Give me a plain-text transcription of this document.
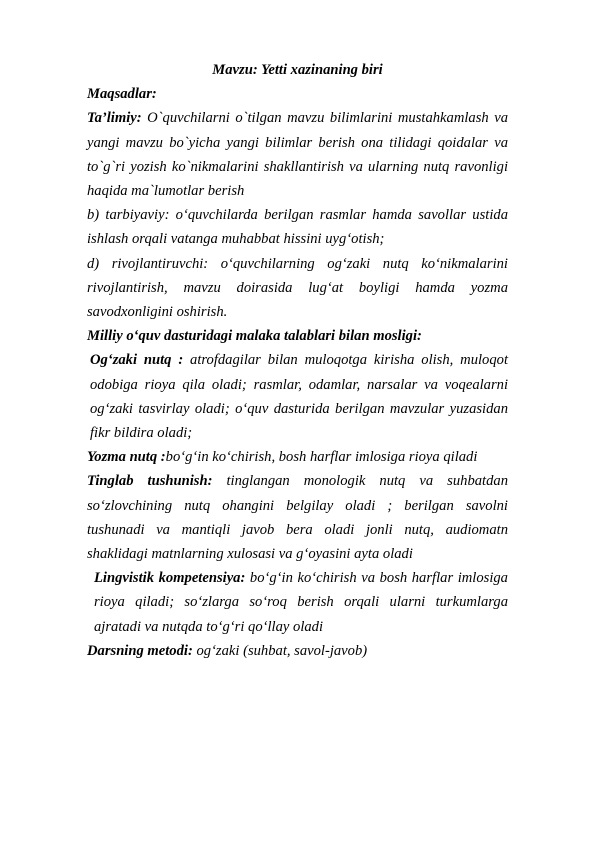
Mavzu: Yetti xazinaning biri

Maqsadlar:

Ta’limiy: O`quvchilarni o`tilgan mavzu bilimlarini mustahkamlash va yangi mavzu bo`yicha yangi bilimlar berish ona tilidagi qoidalar va to`g`ri yozish ko`nikmalarini shakllantirish va ularning nutq ravonligi haqida ma`lumotlar berish

b) tarbiyaviy: o‘quvchilarda berilgan rasmlar hamda savollar ustida ishlash orqali vatanga muhabbat hissini uyg‘otish;

d) rivojlantiruvchi: o‘quvchilarning og‘zaki nutq ko‘nikmalarini rivojlantirish, mavzu doirasida lug‘at boyligi hamda yozma savodxonligini oshirish.

Milliy o‘quv dasturidagi malaka talablari bilan mosligi:

Og‘zaki nutq : atrofdagilar bilan muloqotga kirisha olish, muloqot odobiga rioya qila oladi; rasmlar, odamlar, narsalar va voqealarni og‘zaki tasvirlay oladi; o‘quv dasturida berilgan mavzular yuzasidan fikr bildira oladi;

Yozma nutq :bo‘g‘in ko‘chirish, bosh harflar imlosiga rioya qiladi

Tinglab tushunish: tinglangan monologik nutq va suhbatdan so‘zlovchining nutq ohangini belgilay oladi ; berilgan savolni tushunadi va mantiqli javob bera oladi jonli nutq, audiomatn shaklidagi matnlarning xulosasi va g‘oyasini ayta oladi

Lingvistik kompetensiya: bo‘g‘in ko‘chirish va bosh harflar imlosiga rioya qiladi; so‘zlarga so‘roq berish orqali ularni turkumlarga ajratadi va nutqda to‘g‘ri qo‘llay oladi

Darsning metodi: og‘zaki (suhbat, savol-javob)
